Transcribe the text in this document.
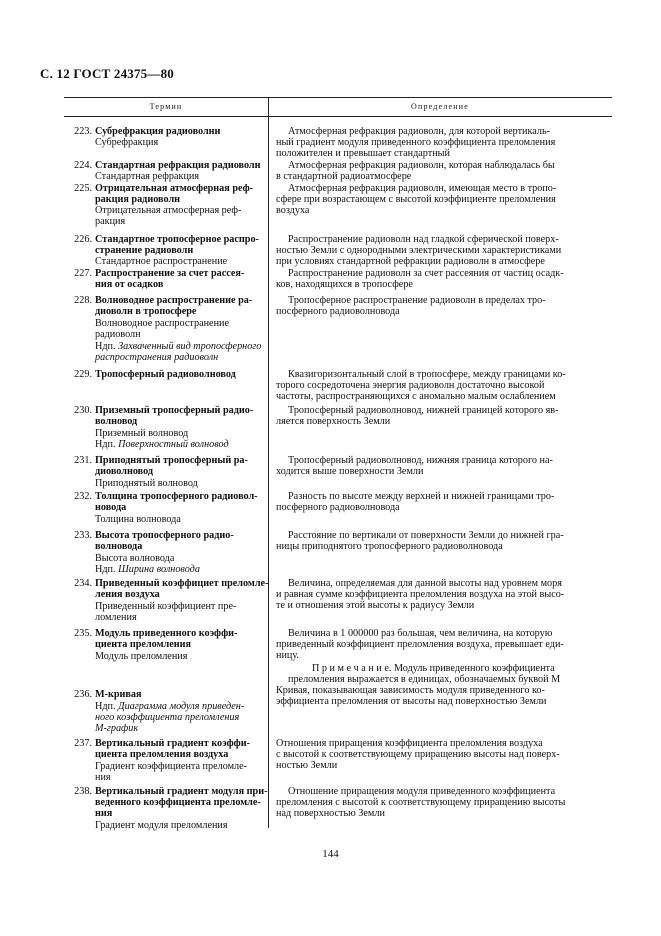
С. 12 ГОСТ 24375—80
Термин	Определение
223. Субрефракция радиоволни
Субрефракция
Атмосферная рефракция радиоволн, для которой вертикаль-
ный градиент модуля приведенного коэффициента преломления
положителен и превышает стандартный
224. Стандартная рефракция радиоволн
Стандартная рефракция
Атмосферная рефракция радиоволн, которая наблюдалась бы
в стандартной радиоатмосфере
225. Отрицательная атмосферная реф-
ракция радиоволн
Отрицательная атмосферная реф-
ракция
Атмосферная рефракция радиоволн, имеющая место в тропо-
сфере при возрастающем с высотой коэффициенте преломления
воздуха
226. Стандартное тропосферное распро-
странение радиоволн
Стандартное распространение
Распространение радиоволн над гладкой сферической поверх-
ностью Земли с однородными электрическими характеристиками
при условиях стандартной рефракции радиоволн в атмосфере
227. Распространение за счет рассея-
ния от осадков
Распространение радиоволн за счет рассеяния от частиц осадк-
ков, находящихся в тропосфере
228. Волноводное распространение ра-
диоволн в тропосфере
Волноводное распространение
радиоволн
Ндп. Захваченный вид тропосферного
распространения радиоволн
Тропосферное распространение радиоволн в пределах тро-
посферного радиоволновода
229. Тропосферный радиоволновод	Квазигоризонтальный слой в тропосфере, между границами ко-
торого сосредоточена энергия радиоволн достаточно высокой
частоты, распространяющихся с аномально малым ослаблением
230. Приземный тропосферный радио-
волновод
Приземный волновод
Ндп. Поверхностный волновод
Тропосферный радиоволновод, нижней границей которого яв-
ляется поверхность Земли
231. Приподнятый тропосферный ра-
диоволновод
Приподнятый волновод
Тропосферный радиоволновод, нижняя граница которого на-
ходится выше поверхности Земли
232. Толщина тропосферного радиовол-
новода
Толщина волновода
Разность по высоте между верхней и нижней границами тро-
посферного радиоволновода
233. Высота тропосферного радио-
волновода
Высота волновода
Ндп. Ширина волновода
Расстояние по вертикали от поверхности Земли до нижней гра-
ницы приподнятого тропосферного радиоволновода
234. Приведенный коэффициет преломле-
ления воздуха
Приведенный коэффициент пре-
ломления
Величина, определяемая для данной высоты над уровнем моря
и равная сумме коэффициента преломления воздуха на этой высо-
те и отношения этой высоты к радиусу Земли
235. Модуль приведенного коэффи-
циента преломления
Модуль преломления
Величина в 1 000000 раз большая, чем величина, на которую
приведенный коэффициент преломления воздуха, превышает еди-
ницу.
П р и м е ч а н и е. Модуль приведенного коэффициента
преломления выражается в единицах, обозначаемых буквой М
236. М-кривая
Ндп. Диаграмма модуля приведен-
ного коэффициента преломления
М-график
Кривая, показывающая зависимость модуля приведенного ко-
эффициента преломления от высоты над поверхностью Земли
237. Вертикальный градиент коэффи-
циента преломления воздуха
Градиент коэффициента преломле-
ния
Отношения приращения коэффициента преломления воздуха
с высотой к соответствующему приращению высоты над поверх-
ностью Земли
238. Вертикальный градиент модуля при-
веденного коэффициента преломле-
ния
Градиент модуля преломления
Отношение приращения модуля приведенного коэффициента
преломления с высотой к соответствующему приращению высоты
над поверхностью Земли
144
